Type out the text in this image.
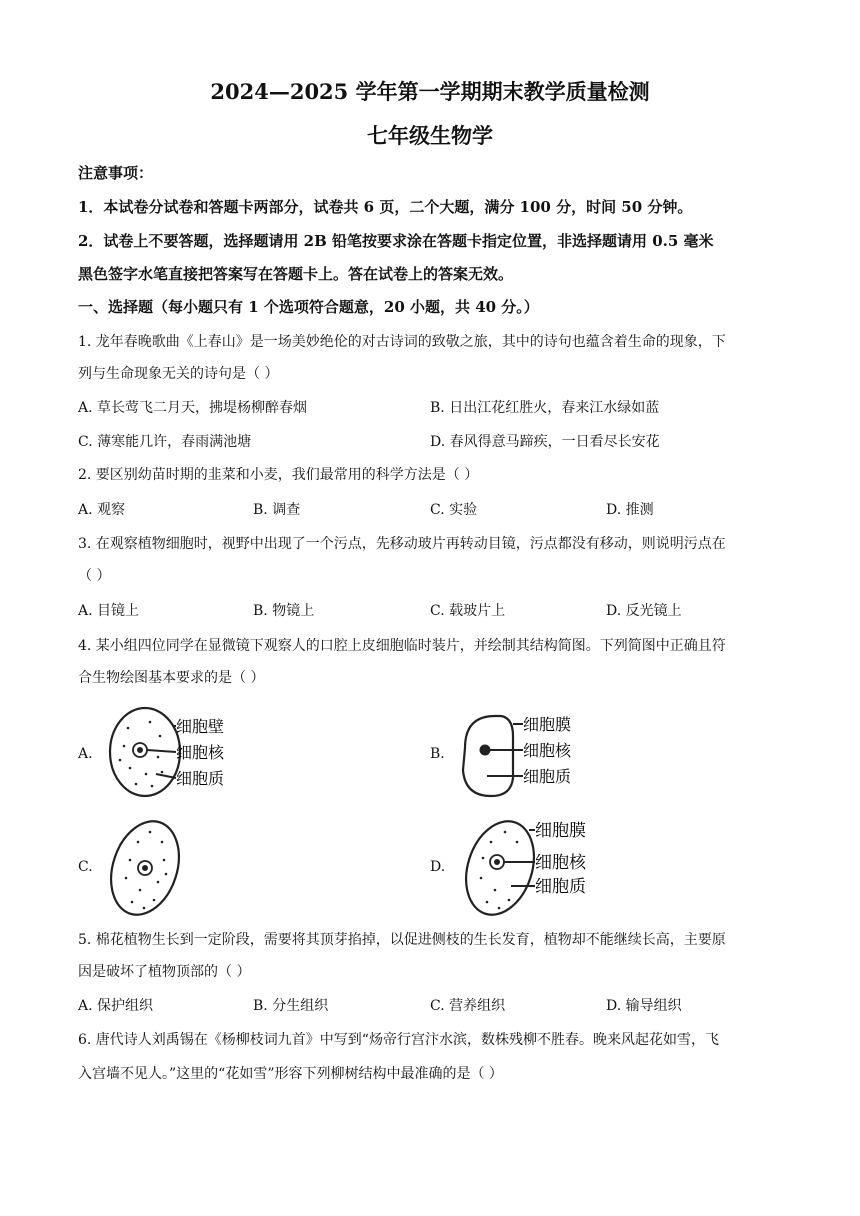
2024—2025 学年第一学期期末教学质量检测
七年级生物学
注意事项：
1．本试卷分试卷和答题卡两部分，试卷共 6 页，二个大题，满分 100 分，时间 50 分钟。
2．试卷上不要答题，选择题请用 2B 铅笔按要求涂在答题卡指定位置，非选择题请用 0.5 毫米
黑色签字水笔直接把答案写在答题卡上。答在试卷上的答案无效。
一、选择题（每小题只有 1 个选项符合题意，20 小题，共 40 分。）
1. 龙年春晚歌曲《上春山》是一场美妙绝伦的对古诗词的致敬之旅，其中的诗句也蕴含着生命的现象，下
列与生命现象无关的诗句是（ ）
A. 草长莺飞二月天，拂堤杨柳醉春烟	B. 日出江花红胜火，春来江水绿如蓝
C. 薄寒能几许，春雨满池塘	D. 春风得意马蹄疾，一日看尽长安花
2. 要区别幼苗时期的韭菜和小麦，我们最常用的科学方法是（ ）
A. 观察	B. 调查	C. 实验	D. 推测
3. 在观察植物细胞时，视野中出现了一个污点，先移动玻片再转动目镜，污点都没有移动，则说明污点在
（ ）
A. 目镜上	B. 物镜上	C. 载玻片上	D. 反光镜上
4. 某小组四位同学在显微镜下观察人的口腔上皮细胞临时装片，并绘制其结构简图。下列简图中正确且符
合生物绘图基本要求的是（ ）
A.	B.
C.	D.
细胞壁
细胞核
细胞质
细胞膜
细胞核
细胞质
细胞膜
细胞核
细胞质
5. 棉花植物生长到一定阶段，需要将其顶芽掐掉，以促进侧枝的生长发育，植物却不能继续长高，主要原
因是破坏了植物顶部的（ ）
A. 保护组织	B. 分生组织	C. 营养组织	D. 输导组织
6. 唐代诗人刘禹锡在《杨柳枝词九首》中写到“炀帝行宫汴水滨，数株残柳不胜春。晚来风起花如雪，飞
入宫墙不见人。”这里的“花如雪”形容下列柳树结构中最准确的是（ ）
